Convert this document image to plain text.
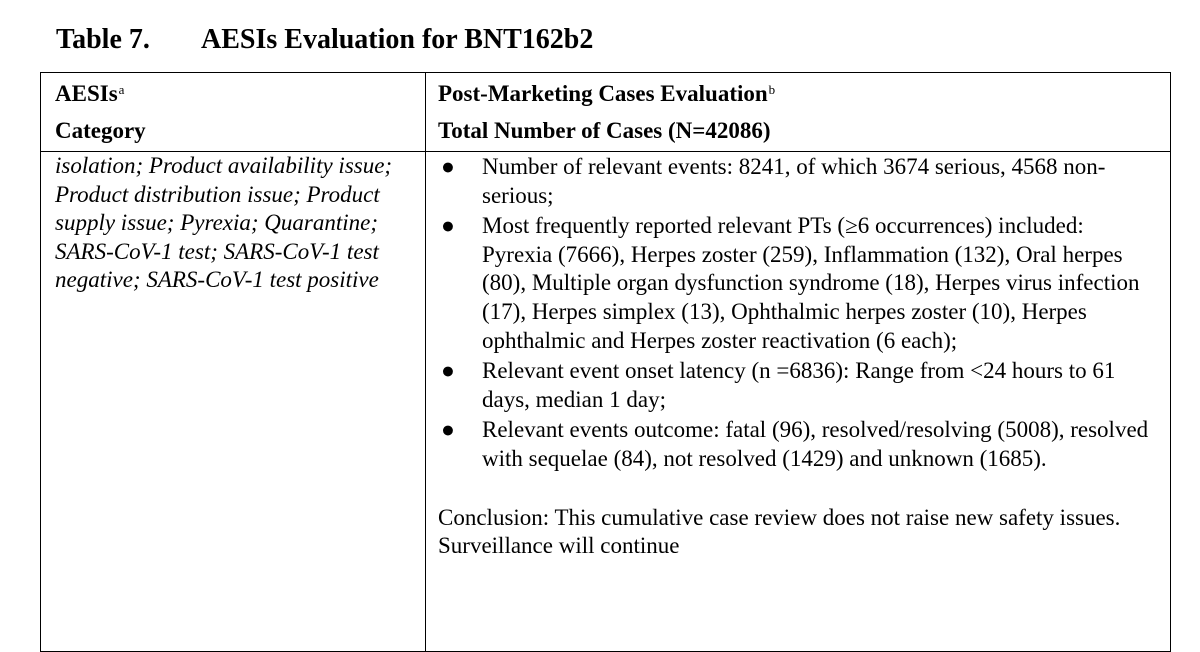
Table 7. AESIs Evaluation for BNT162b2
AESIs$^a$
Category
Post-Marketing Cases Evaluation$^b$
Total Number of Cases (N=42086)
isolation; Product availability issue; Product distribution issue; Product supply issue; Pyrexia; Quarantine; SARS-CoV-1 test; SARS-CoV-1 test negative; SARS-CoV-1 test positive
● Number of relevant events: 8241, of which 3674 serious, 4568 non-serious;
● Most frequently reported relevant PTs (≥6 occurrences) included: Pyrexia (7666), Herpes zoster (259), Inflammation (132), Oral herpes (80), Multiple organ dysfunction syndrome (18), Herpes virus infection (17), Herpes simplex (13), Ophthalmic herpes zoster (10), Herpes ophthalmic and Herpes zoster reactivation (6 each);
● Relevant event onset latency (n =6836): Range from <24 hours to 61 days, median 1 day;
● Relevant events outcome: fatal (96), resolved/resolving (5008), resolved with sequelae (84), not resolved (1429) and unknown (1685).
Conclusion: This cumulative case review does not raise new safety issues. Surveillance will continue
